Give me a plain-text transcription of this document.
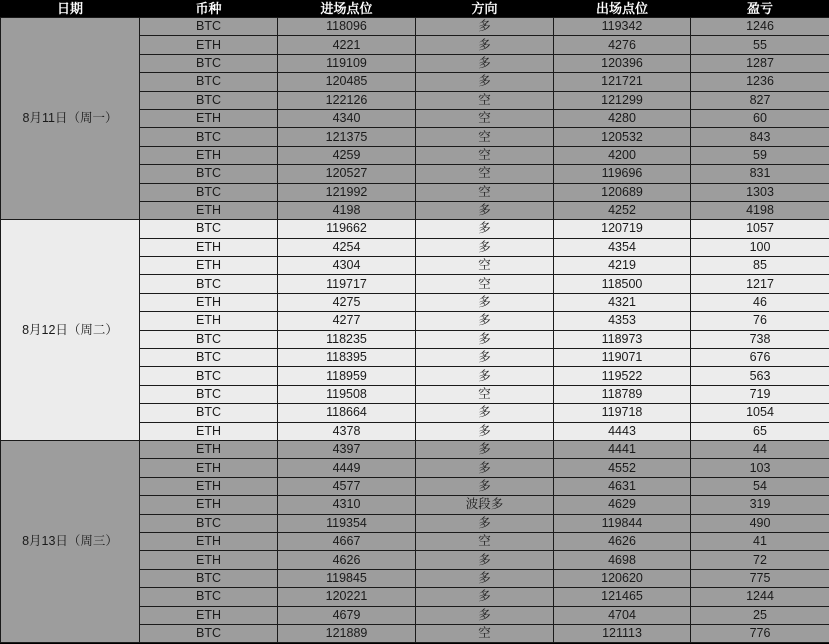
日期	币种	进场点位	方向	出场点位	盈亏
8月11日（周一）	BTC	118096	多	119342	1246
	ETH	4221	多	4276	55
	BTC	119109	多	120396	1287
	BTC	120485	多	121721	1236
	BTC	122126	空	121299	827
	ETH	4340	空	4280	60
	BTC	121375	空	120532	843
	ETH	4259	空	4200	59
	BTC	120527	空	119696	831
	BTC	121992	空	120689	1303
	ETH	4198	多	4252	4198
8月12日（周二）	BTC	119662	多	120719	1057
	ETH	4254	多	4354	100
	ETH	4304	空	4219	85
	BTC	119717	空	118500	1217
	ETH	4275	多	4321	46
	ETH	4277	多	4353	76
	BTC	118235	多	118973	738
	BTC	118395	多	119071	676
	BTC	118959	多	119522	563
	BTC	119508	空	118789	719
	BTC	118664	多	119718	1054
	ETH	4378	多	4443	65
8月13日（周三）	ETH	4397	多	4441	44
	ETH	4449	多	4552	103
	ETH	4577	多	4631	54
	ETH	4310	波段多	4629	319
	BTC	119354	多	119844	490
	ETH	4667	空	4626	41
	ETH	4626	多	4698	72
	BTC	119845	多	120620	775
	BTC	120221	多	121465	1244
	ETH	4679	多	4704	25
	BTC	121889	空	121113	776
